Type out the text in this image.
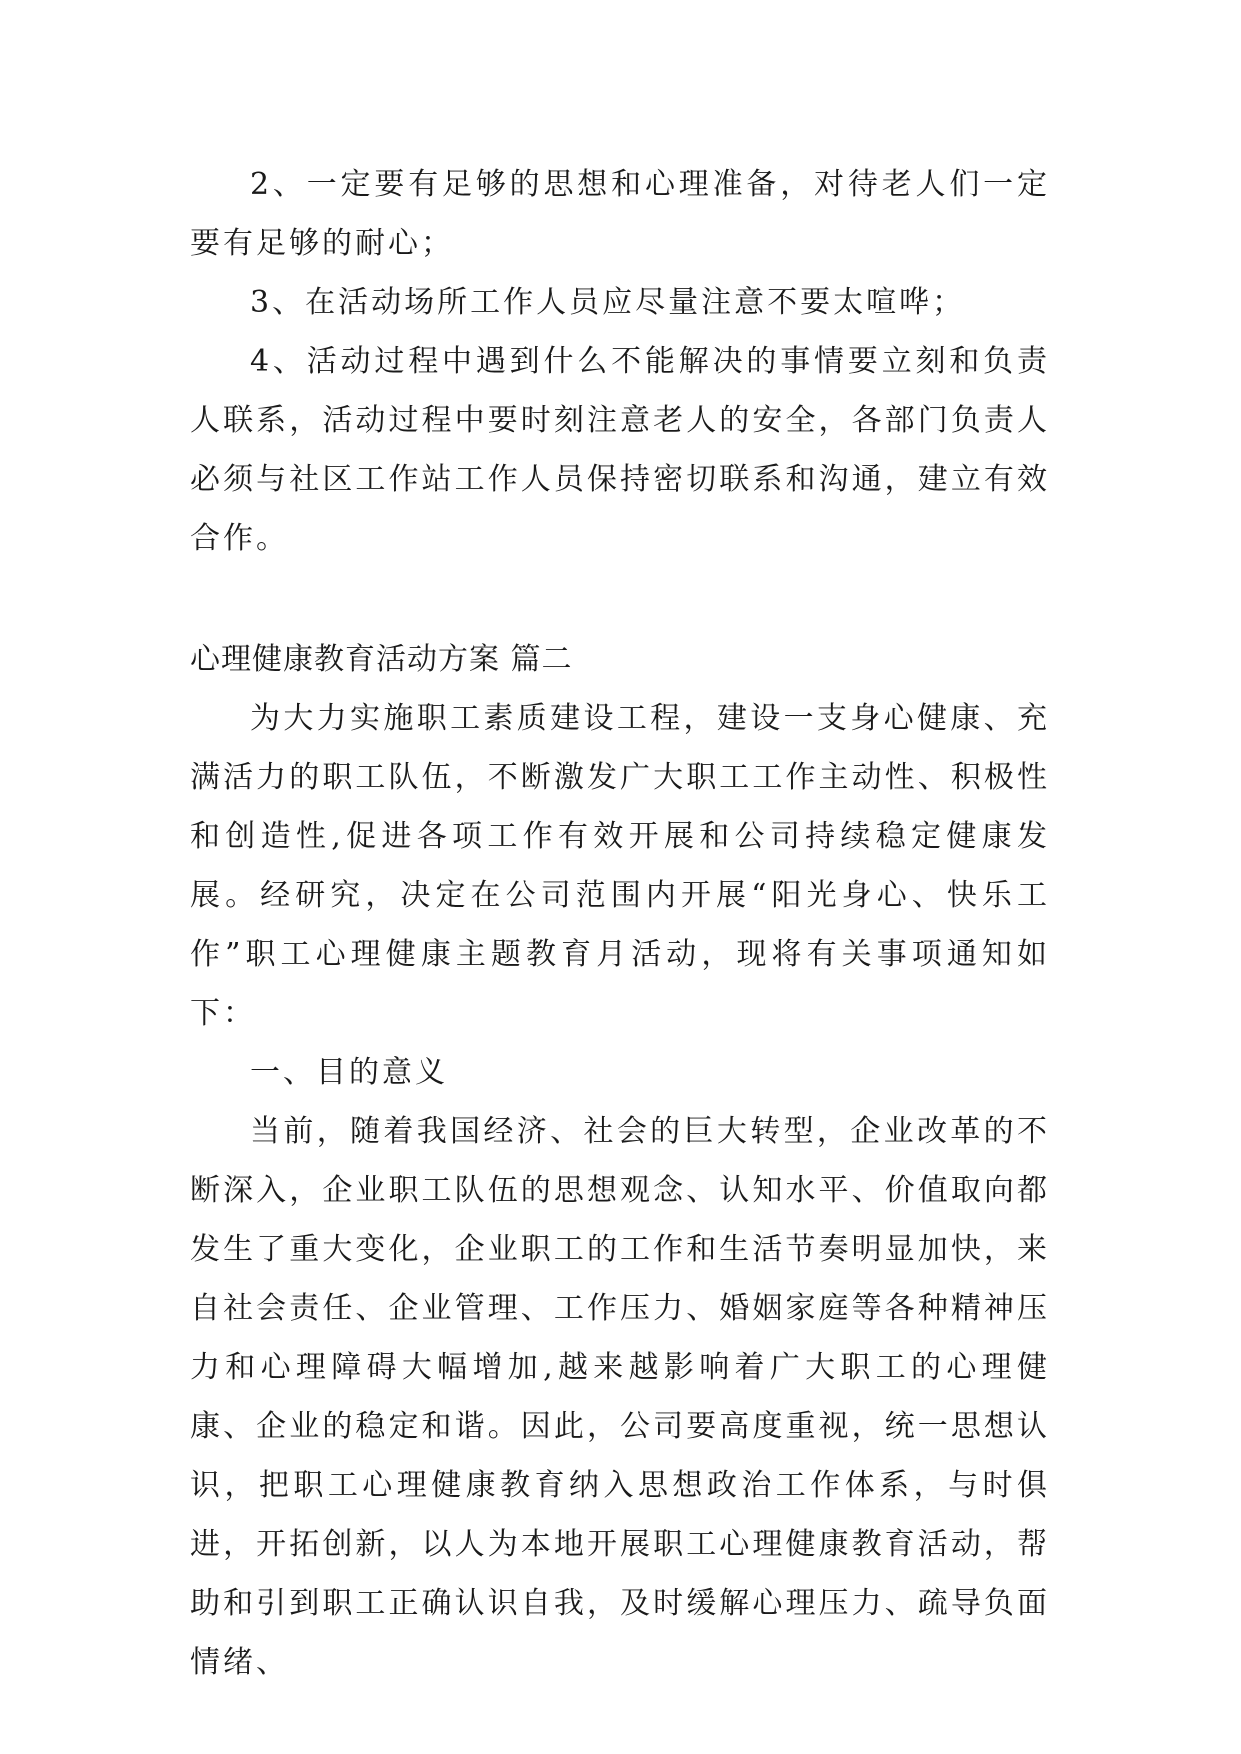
2、一定要有足够的思想和心理准备，对待老人们一定要有足够的耐心；

3、在活动场所工作人员应尽量注意不要太喧哗；

4、活动过程中遇到什么不能解决的事情要立刻和负责人联系，活动过程中要时刻注意老人的安全，各部门负责人必须与社区工作站工作人员保持密切联系和沟通，建立有效合作。

心理健康教育活动方案 篇二

为大力实施职工素质建设工程，建设一支身心健康、充满活力的职工队伍，不断激发广大职工工作主动性、积极性和创造性,促进各项工作有效开展和公司持续稳定健康发展。经研究，决定在公司范围内开展“阳光身心、快乐工作”职工心理健康主题教育月活动，现将有关事项通知如下：

一、目的意义

当前，随着我国经济、社会的巨大转型，企业改革的不断深入，企业职工队伍的思想观念、认知水平、价值取向都发生了重大变化，企业职工的工作和生活节奏明显加快，来自社会责任、企业管理、工作压力、婚姻家庭等各种精神压力和心理障碍大幅增加,越来越影响着广大职工的心理健康、企业的稳定和谐。因此，公司要高度重视，统一思想认识，把职工心理健康教育纳入思想政治工作体系，与时俱进，开拓创新，以人为本地开展职工心理健康教育活动，帮助和引到职工正确认识自我，及时缓解心理压力、疏导负面情绪、
